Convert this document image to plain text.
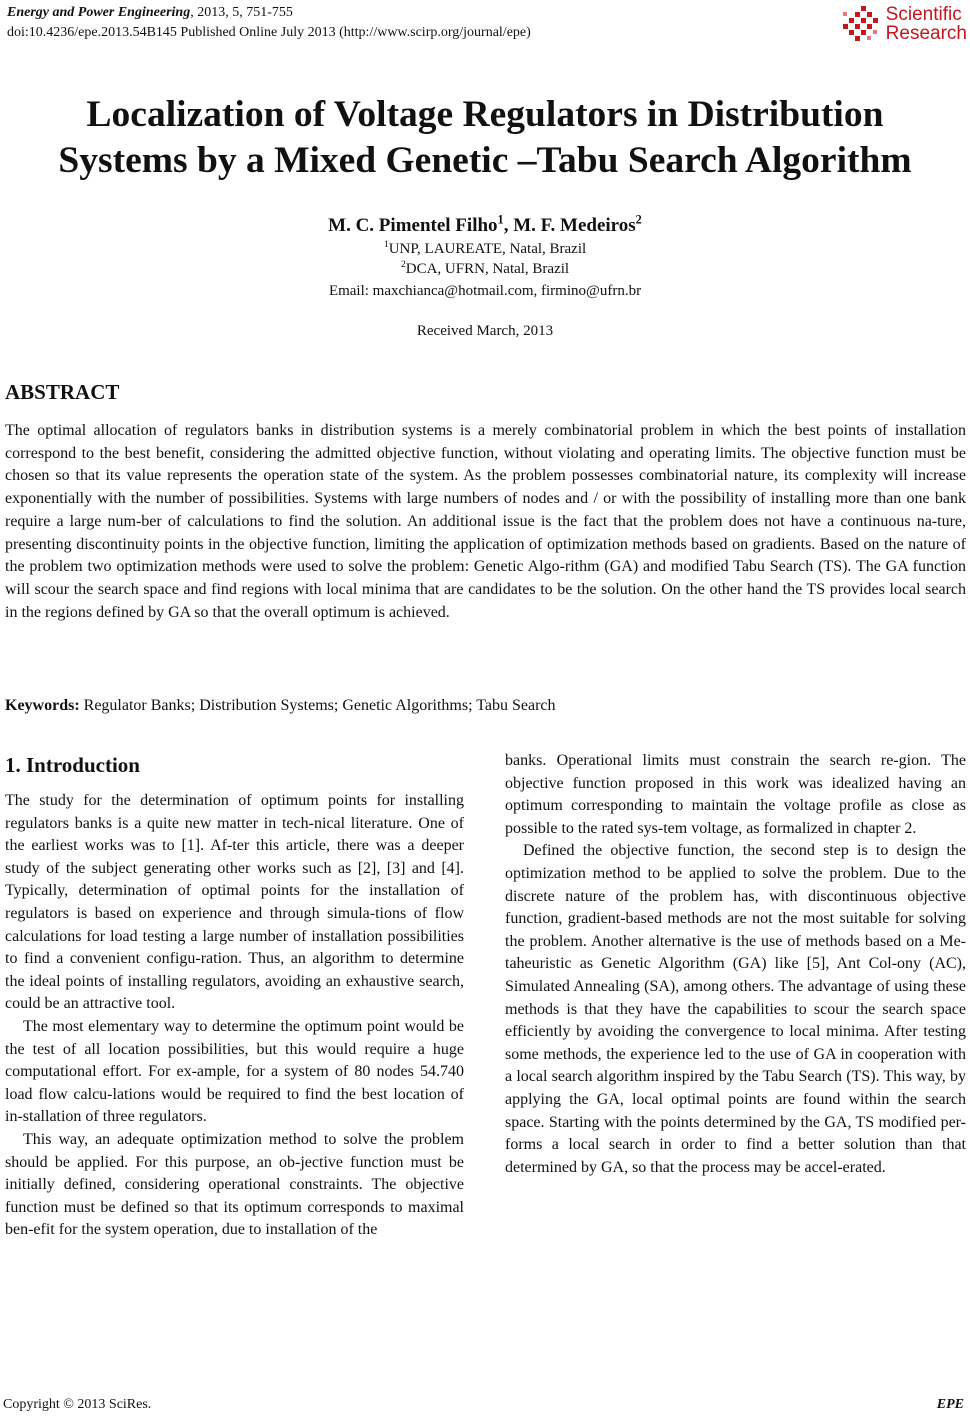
Energy and Power Engineering, 2013, 5, 751-755
doi:10.4236/epe.2013.54B145 Published Online July 2013 (http://www.scirp.org/journal/epe)
Scientific
Research
Localization of Voltage Regulators in Distribution
Systems by a Mixed Genetic –Tabu Search Algorithm
M. C. Pimentel Filho$^1$, M. F. Medeiros$^2$
$^1$UNP, LAUREATE, Natal, Brazil
$^2$DCA, UFRN, Natal, Brazil
Email: maxchianca@hotmail.com, firmino@ufrn.br
Received March, 2013
ABSTRACT
The optimal allocation of regulators banks in distribution systems is a merely combinatorial problem in which the best points of installation correspond to the best benefit, considering the admitted objective function, without violating and operating limits. The objective function must be chosen so that its value represents the operation state of the system. As the problem possesses combinatorial nature, its complexity will increase exponentially with the number of possibilities. Systems with large numbers of nodes and / or with the possibility of installing more than one bank require a large num-ber of calculations to find the solution. An additional issue is the fact that the problem does not have a continuous na-ture, presenting discontinuity points in the objective function, limiting the application of optimization methods based on gradients. Based on the nature of the problem two optimization methods were used to solve the problem: Genetic Algo-rithm (GA) and modified Tabu Search (TS). The GA function will scour the search space and find regions with local minima that are candidates to be the solution. On the other hand the TS provides local search in the regions defined by GA so that the overall optimum is achieved.
Keywords: Regulator Banks; Distribution Systems; Genetic Algorithms; Tabu Search
1. Introduction

The study for the determination of optimum points for installing regulators banks is a quite new matter in tech-nical literature. One of the earliest works was to [1]. Af-ter this article, there was a deeper study of the subject generating other works such as [2], [3] and [4]. Typically, determination of optimal points for the installation of regulators is based on experience and through simula-tions of flow calculations for load testing a large number of installation possibilities to find a convenient configu-ration. Thus, an algorithm to determine the ideal points of installing regulators, avoiding an exhaustive search, could be an attractive tool.

The most elementary way to determine the optimum point would be the test of all location possibilities, but this would require a huge computational effort. For ex-ample, for a system of 80 nodes 54.740 load flow calcu-lations would be required to find the best location of in-stallation of three regulators.

This way, an adequate optimization method to solve the problem should be applied. For this purpose, an ob-jective function must be initially defined, considering operational constraints. The objective function must be defined so that its optimum corresponds to maximal ben-efit for the system operation, due to installation of the

banks. Operational limits must constrain the search re-gion. The objective function proposed in this work was idealized having an optimum corresponding to maintain the voltage profile as close as possible to the rated sys-tem voltage, as formalized in chapter 2.

Defined the objective function, the second step is to design the optimization method to be applied to solve the problem. Due to the discrete nature of the problem has, with discontinuous objective function, gradient-based methods are not the most suitable for solving the problem. Another alternative is the use of methods based on a Me-taheuristic as Genetic Algorithm (GA) like [5], Ant Col-ony (AC), Simulated Annealing (SA), among others. The advantage of using these methods is that they have the capabilities to scour the search space efficiently by avoiding the convergence to local minima. After testing some methods, the experience led to the use of GA in cooperation with a local search algorithm inspired by the Tabu Search (TS). This way, by applying the GA, local optimal points are found within the search space. Starting with the points determined by the GA, TS modified per-forms a local search in order to find a better solution than that determined by GA, so that the process may be accel-erated.

Copyright © 2013 SciRes.	EPE
